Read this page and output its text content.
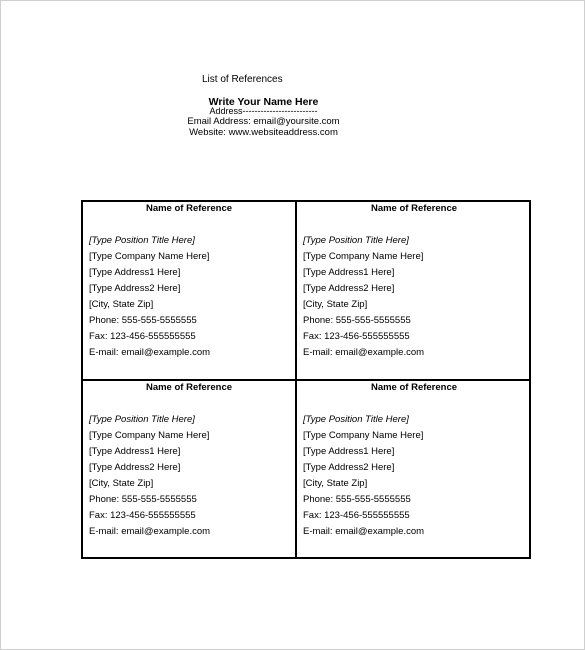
List of References
Write Your Name Here
Address-------------------------
Email Address: email@yoursite.com
Website: www.websiteaddress.com
Name of Reference
[Type Position Title Here]
[Type Company Name Here]
[Type Address1 Here]
[Type Address2 Here]
[City, State Zip]
Phone: 555-555-5555555
Fax: 123-456-555555555
E-mail: email@example.com
Name of Reference
[Type Position Title Here]
[Type Company Name Here]
[Type Address1 Here]
[Type Address2 Here]
[City, State Zip]
Phone: 555-555-5555555
Fax: 123-456-555555555
E-mail: email@example.com
Name of Reference
[Type Position Title Here]
[Type Company Name Here]
[Type Address1 Here]
[Type Address2 Here]
[City, State Zip]
Phone: 555-555-5555555
Fax: 123-456-555555555
E-mail: email@example.com
Name of Reference
[Type Position Title Here]
[Type Company Name Here]
[Type Address1 Here]
[Type Address2 Here]
[City, State Zip]
Phone: 555-555-5555555
Fax: 123-456-555555555
E-mail: email@example.com
